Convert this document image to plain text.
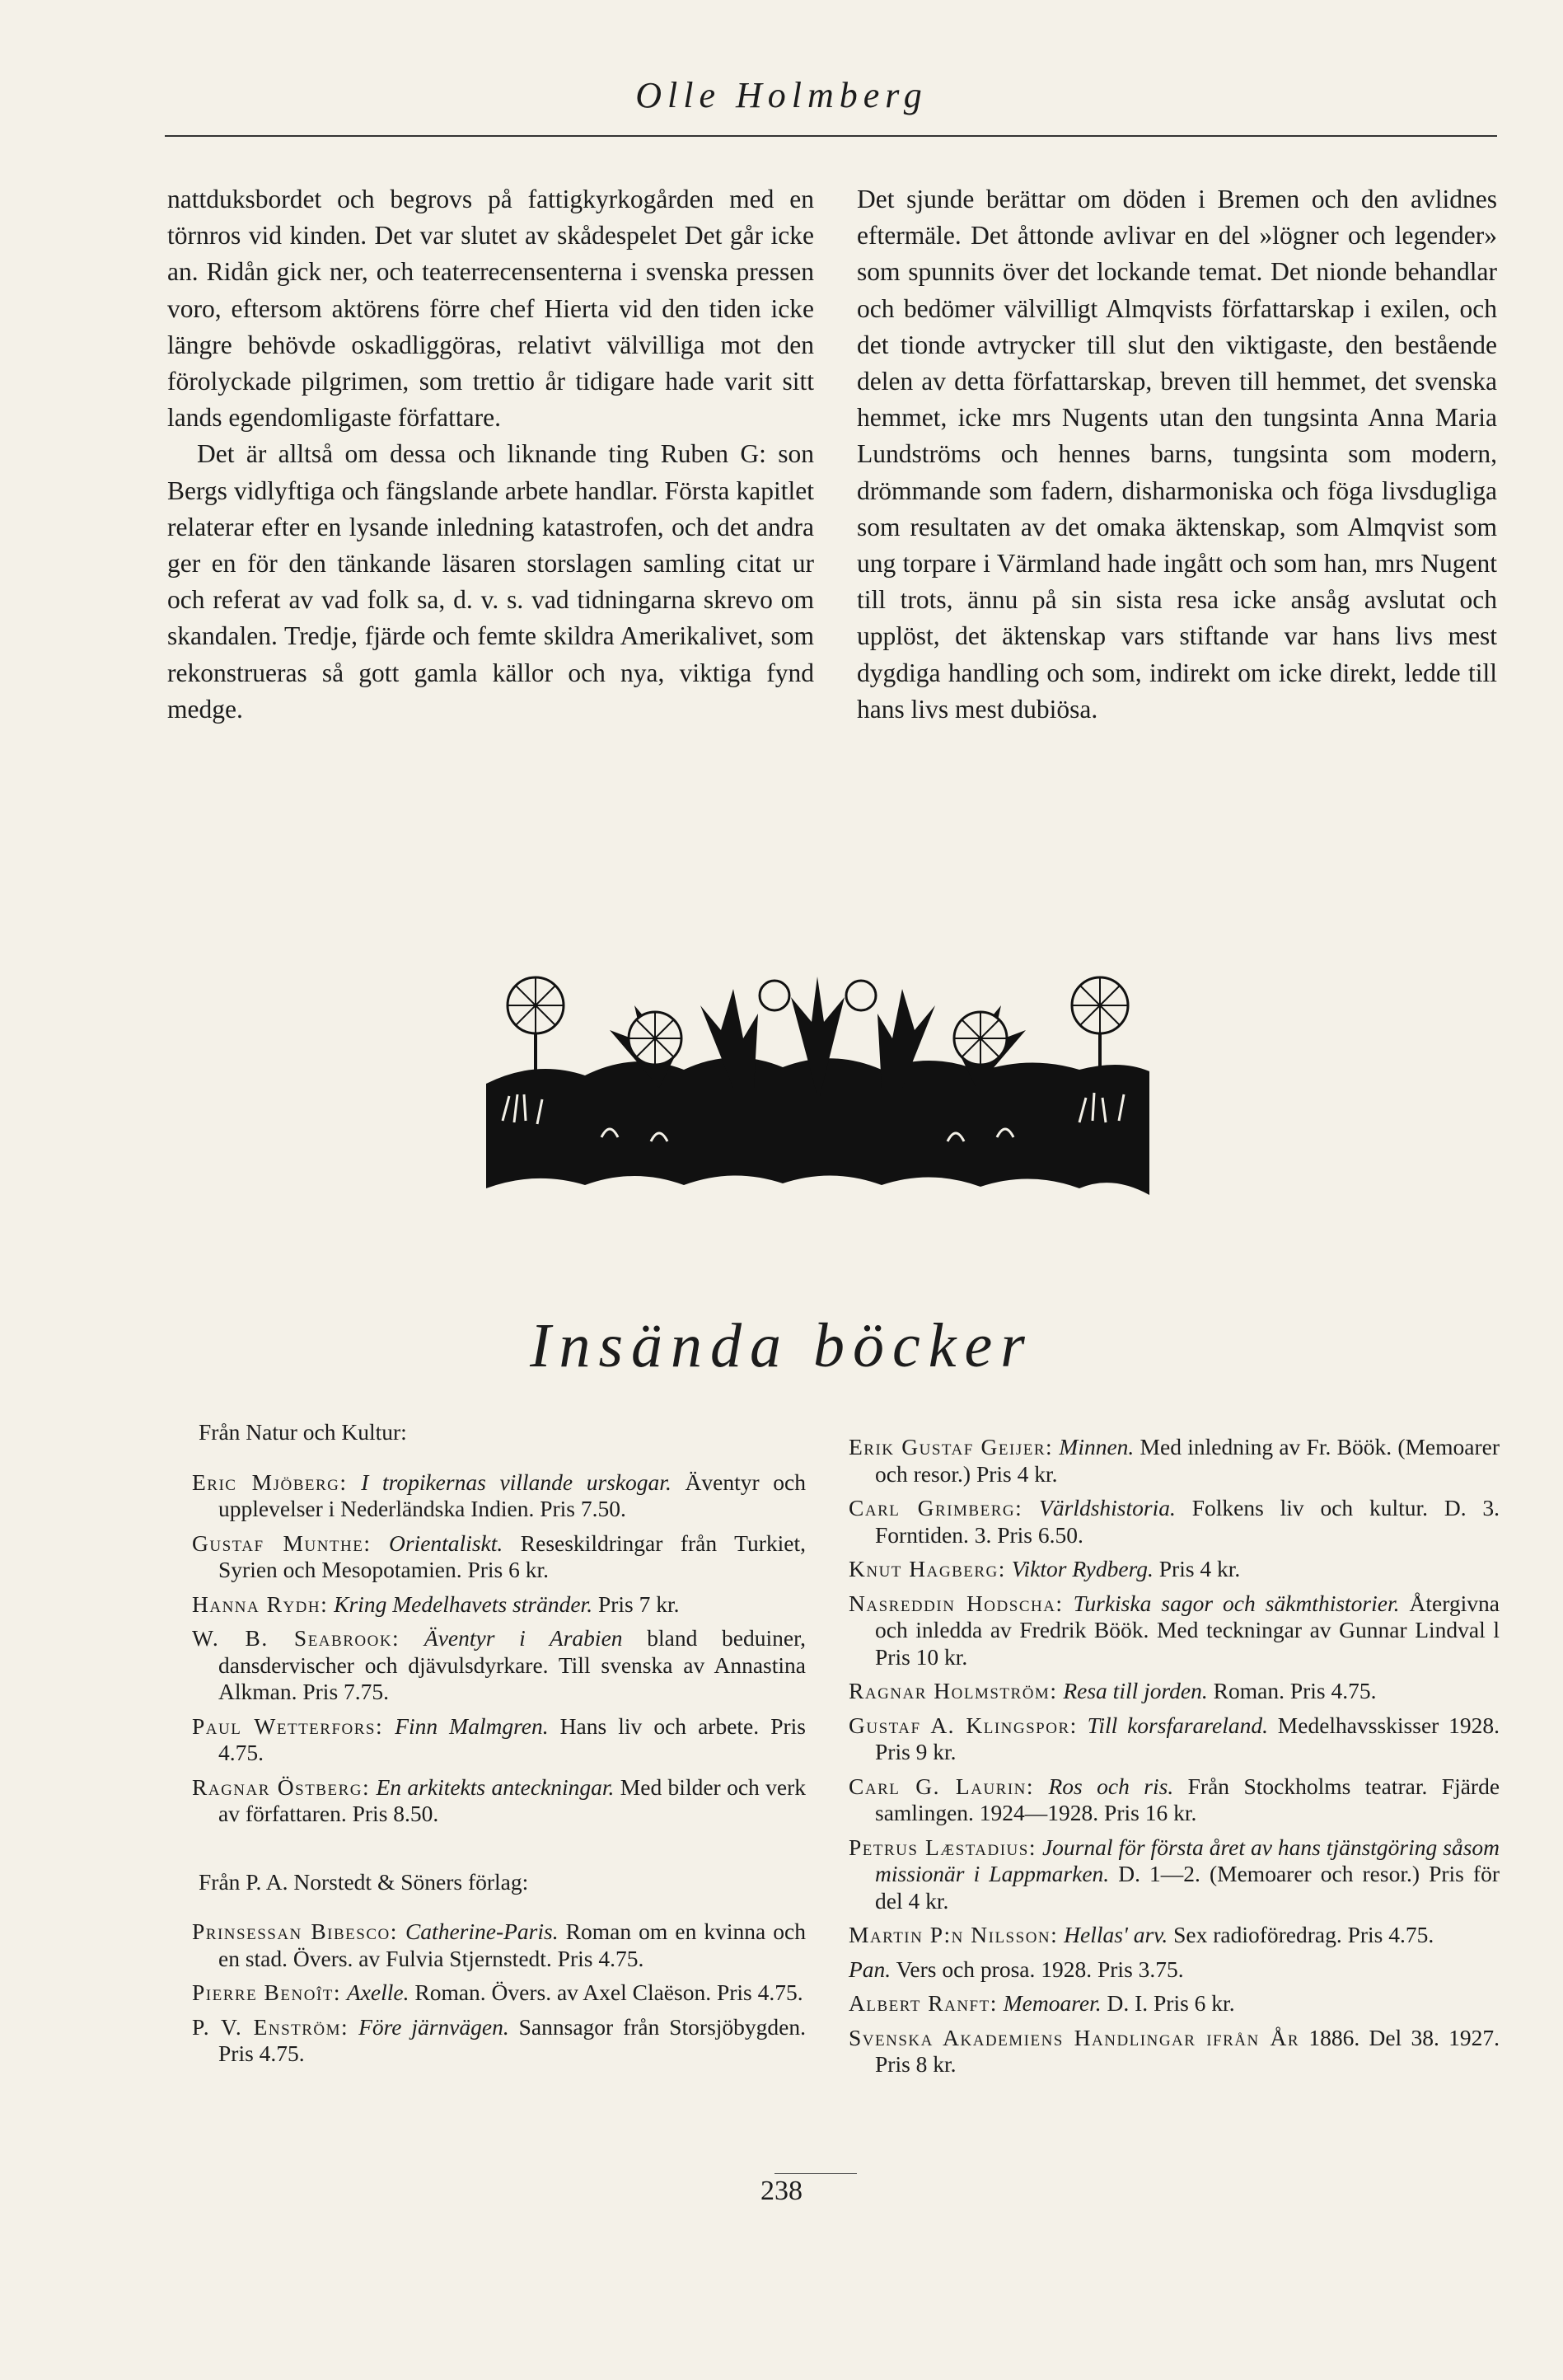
Olle Holmberg

nattduksbordet och begrovs på fattigkyrkogården med en törnros vid kinden. Det var slutet av skådespelet Det går icke an. Ridån gick ner, och teaterrecensenterna i svenska pressen voro, eftersom aktörens förre chef Hierta vid den tiden icke längre behövde oskadliggöras, relativt välvilliga mot den förolyckade pilgrimen, som trettio år tidigare hade varit sitt lands egendomligaste författare.

Det är alltså om dessa och liknande ting Ruben G: son Bergs vidlyftiga och fängslande arbete handlar. Första kapitlet relaterar efter en lysande inledning katastrofen, och det andra ger en för den tänkande läsaren storslagen samling citat ur och referat av vad folk sa, d. v. s. vad tidningarna skrevo om skandalen. Tredje, fjärde och femte skildra Amerikalivet, som rekonstrueras så gott gamla källor och nya, viktiga fynd medge.

Det sjunde berättar om döden i Bremen och den avlidnes eftermäle. Det åttonde avlivar en del »lögner och legender» som spunnits över det lockande temat. Det nionde behandlar och bedömer välvilligt Almqvists författarskap i exilen, och det tionde avtrycker till slut den viktigaste, den bestående delen av detta författarskap, breven till hemmet, det svenska hemmet, icke mrs Nugents utan den tungsinta Anna Maria Lundströms och hennes barns, tungsinta som modern, drömmande som fadern, disharmoniska och föga livsdugliga som resultaten av det omaka äktenskap, som Almqvist som ung torpare i Värmland hade ingått och som han, mrs Nugent till trots, ännu på sin sista resa icke ansåg avslutat och upplöst, det äktenskap vars stiftande var hans livs mest dygdiga handling och som, indirekt om icke direkt, ledde till hans livs mest dubiösa.

Insända böcker
Från Natur och Kultur:
Eric Mjöberg: I tropikernas villande urskogar. Äventyr och upplevelser i Nederländska Indien. Pris 7.50.
Gustaf Munthe: Orientaliskt. Reseskildringar från Turkiet, Syrien och Mesopotamien. Pris 6 kr.
Hanna Rydh: Kring Medelhavets stränder. Pris 7 kr.
W. B. Seabrook: Äventyr i Arabien bland beduiner, dansdervischer och djävulsdyrkare. Till svenska av Annastina Alkman. Pris 7.75.
Paul Wetterfors: Finn Malmgren. Hans liv och arbete. Pris 4.75.
Ragnar Östberg: En arkitekts anteckningar. Med bilder och verk av författaren. Pris 8.50.
Från P. A. Norstedt & Söners förlag:
Prinsessan Bibesco: Catherine-Paris. Roman om en kvinna och en stad. Övers. av Fulvia Stjernstedt. Pris 4.75.
Pierre Benoît: Axelle. Roman. Övers. av Axel Claëson. Pris 4.75.
P. V. Enström: Före järnvägen. Sannsagor från Storsjöbygden. Pris 4.75.
Erik Gustaf Geijer: Minnen. Med inledning av Fr. Böök. (Memoarer och resor.) Pris 4 kr.
Carl Grimberg: Världshistoria. Folkens liv och kultur. D. 3. Forntiden. 3. Pris 6.50.
Knut Hagberg: Viktor Rydberg. Pris 4 kr.
Nasreddin Hodscha: Turkiska sagor och säkmthistorier. Återgivna och inledda av Fredrik Böök. Med teckningar av Gunnar Lindval l Pris 10 kr.
Ragnar Holmström: Resa till jorden. Roman. Pris 4.75.
Gustaf A. Klingspor: Till korsfarareland. Medelhavsskisser 1928. Pris 9 kr.
Carl G. Laurin: Ros och ris. Från Stockholms teatrar. Fjärde samlingen. 1924—1928. Pris 16 kr.
Petrus Læstadius: Journal för första året av hans tjänstgöring såsom missionär i Lappmarken. D. 1—2. (Memoarer och resor.) Pris för del 4 kr.
Martin P:n Nilsson: Hellas' arv. Sex radioföredrag. Pris 4.75.
Pan. Vers och prosa. 1928. Pris 3.75.
Albert Ranft: Memoarer. D. I. Pris 6 kr.
Svenska Akademiens Handlingar ifrån År 1886. Del 38. 1927. Pris 8 kr.
238
